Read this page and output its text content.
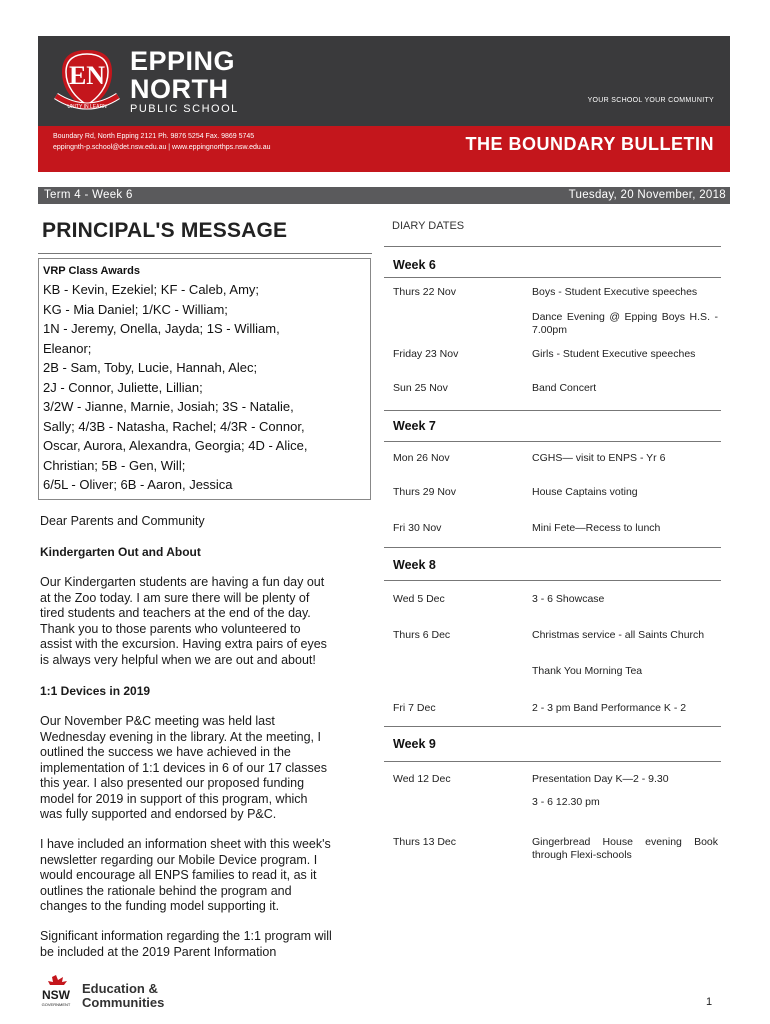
EN
UNITY IN LEARN
EPPING
NORTH
PUBLIC SCHOOL
YOUR SCHOOL YOUR COMMUNITY
Boundary Rd, North Epping 2121 Ph. 9876 5254 Fax. 9869 5745
eppingnth-p.school@det.nsw.edu.au | www.eppingnorthps.nsw.edu.au	THE BOUNDARY BULLETIN
Term 4 - Week 6	Tuesday, 20 November, 2018
PRINCIPAL'S MESSAGE
VRP Class Awards
KB - Kevin, Ezekiel; KF - Caleb, Amy;
KG - Mia Daniel; 1/KC - William;
1N - Jeremy, Onella, Jayda; 1S - William,
Eleanor;
2B - Sam, Toby, Lucie, Hannah, Alec;
2J - Connor, Juliette, Lillian;
3/2W - Jianne, Marnie, Josiah; 3S - Natalie,
Sally; 4/3B - Natasha, Rachel; 4/3R - Connor,
Oscar, Aurora, Alexandra, Georgia; 4D - Alice,
Christian; 5B - Gen, Will;
6/5L - Oliver; 6B - Aaron, Jessica
Dear Parents and Community
Kindergarten Out and About
Our Kindergarten students are having a fun day out
at the Zoo today. I am sure there will be plenty of
tired students and teachers at the end of the day.
Thank you to those parents who volunteered to
assist with the excursion. Having extra pairs of eyes
is always very helpful when we are out and about!
1:1 Devices in 2019
Our November P&C meeting was held last
Wednesday evening in the library. At the meeting, I
outlined the success we have achieved in the
implementation of 1:1 devices in 6 of our 17 classes
this year. I also presented our proposed funding
model for 2019 in support of this program, which
was fully supported and endorsed by P&C.
I have included an information sheet with this week's
newsletter regarding our Mobile Device program. I
would encourage all ENPS families to read it, as it
outlines the rationale behind the program and
changes to the funding model supporting it.
Significant information regarding the 1:1 program will
be included at the 2019 Parent Information
DIARY DATES
Week 6
Thurs 22 Nov	Boys - Student Executive speeches
Dance Evening @ Epping Boys H.S. - 7.00pm
Friday 23 Nov	Girls - Student Executive speeches
Sun 25 Nov	Band Concert
Week 7
Mon 26 Nov	CGHS— visit to ENPS - Yr 6
Thurs 29 Nov	House Captains voting
Fri 30 Nov	Mini Fete—Recess to lunch
Week 8
Wed 5 Dec	3 - 6 Showcase
Thurs 6 Dec	Christmas service - all Saints Church
Thank You Morning Tea
Fri 7 Dec	2 - 3 pm Band Performance K - 2
Week 9
Wed 12 Dec	Presentation Day K—2 - 9.30
3 - 6 12.30 pm
Thurs 13 Dec	Gingerbread House evening Book through Flexi-schools
NSW
GOVERNMENT
Education &
Communities	1
